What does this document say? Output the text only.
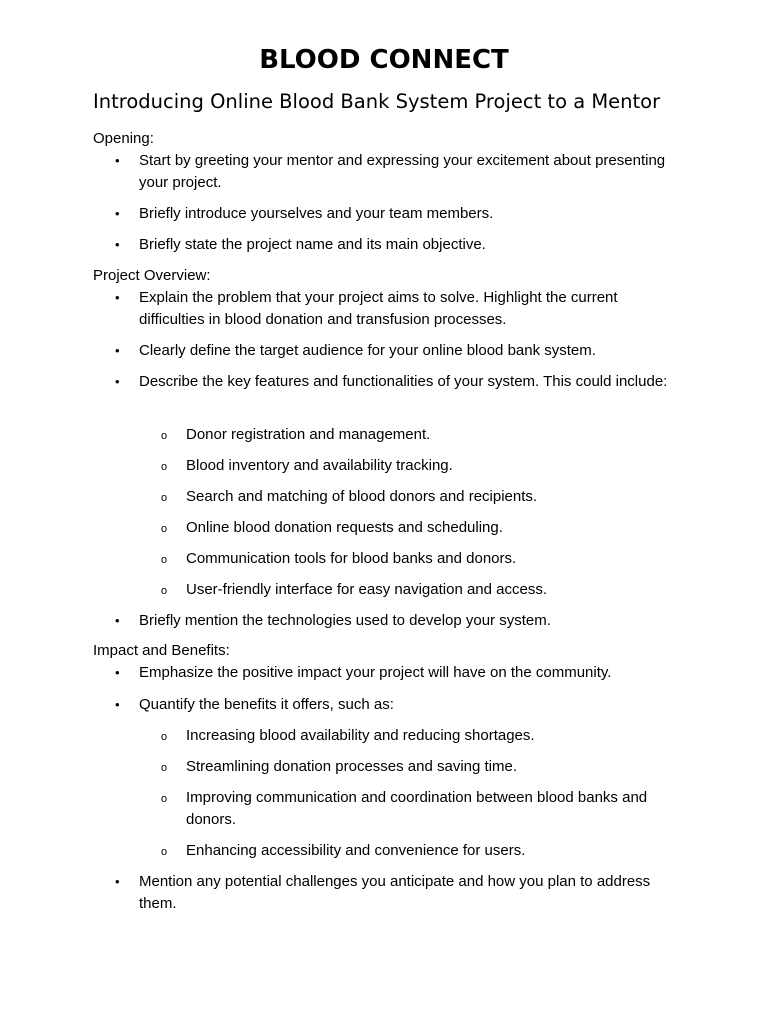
BLOOD CONNECT
Introducing Online Blood Bank System Project to a Mentor

Opening:

• Start by greeting your mentor and expressing your excitement about presenting your project.

• Briefly introduce yourselves and your team members.

• Briefly state the project name and its main objective.

Project Overview:

• Explain the problem that your project aims to solve. Highlight the current difficulties in blood donation and transfusion processes.

• Clearly define the target audience for your online blood bank system.

• Describe the key features and functionalities of your system. This could include:

o Donor registration and management.

o Blood inventory and availability tracking.

o Search and matching of blood donors and recipients.

o Online blood donation requests and scheduling.

o Communication tools for blood banks and donors.

o User-friendly interface for easy navigation and access.

• Briefly mention the technologies used to develop your system.

Impact and Benefits:

• Emphasize the positive impact your project will have on the community.

• Quantify the benefits it offers, such as:

o Increasing blood availability and reducing shortages.

o Streamlining donation processes and saving time.

o Improving communication and coordination between blood banks and donors.

o Enhancing accessibility and convenience for users.

• Mention any potential challenges you anticipate and how you plan to address them.
